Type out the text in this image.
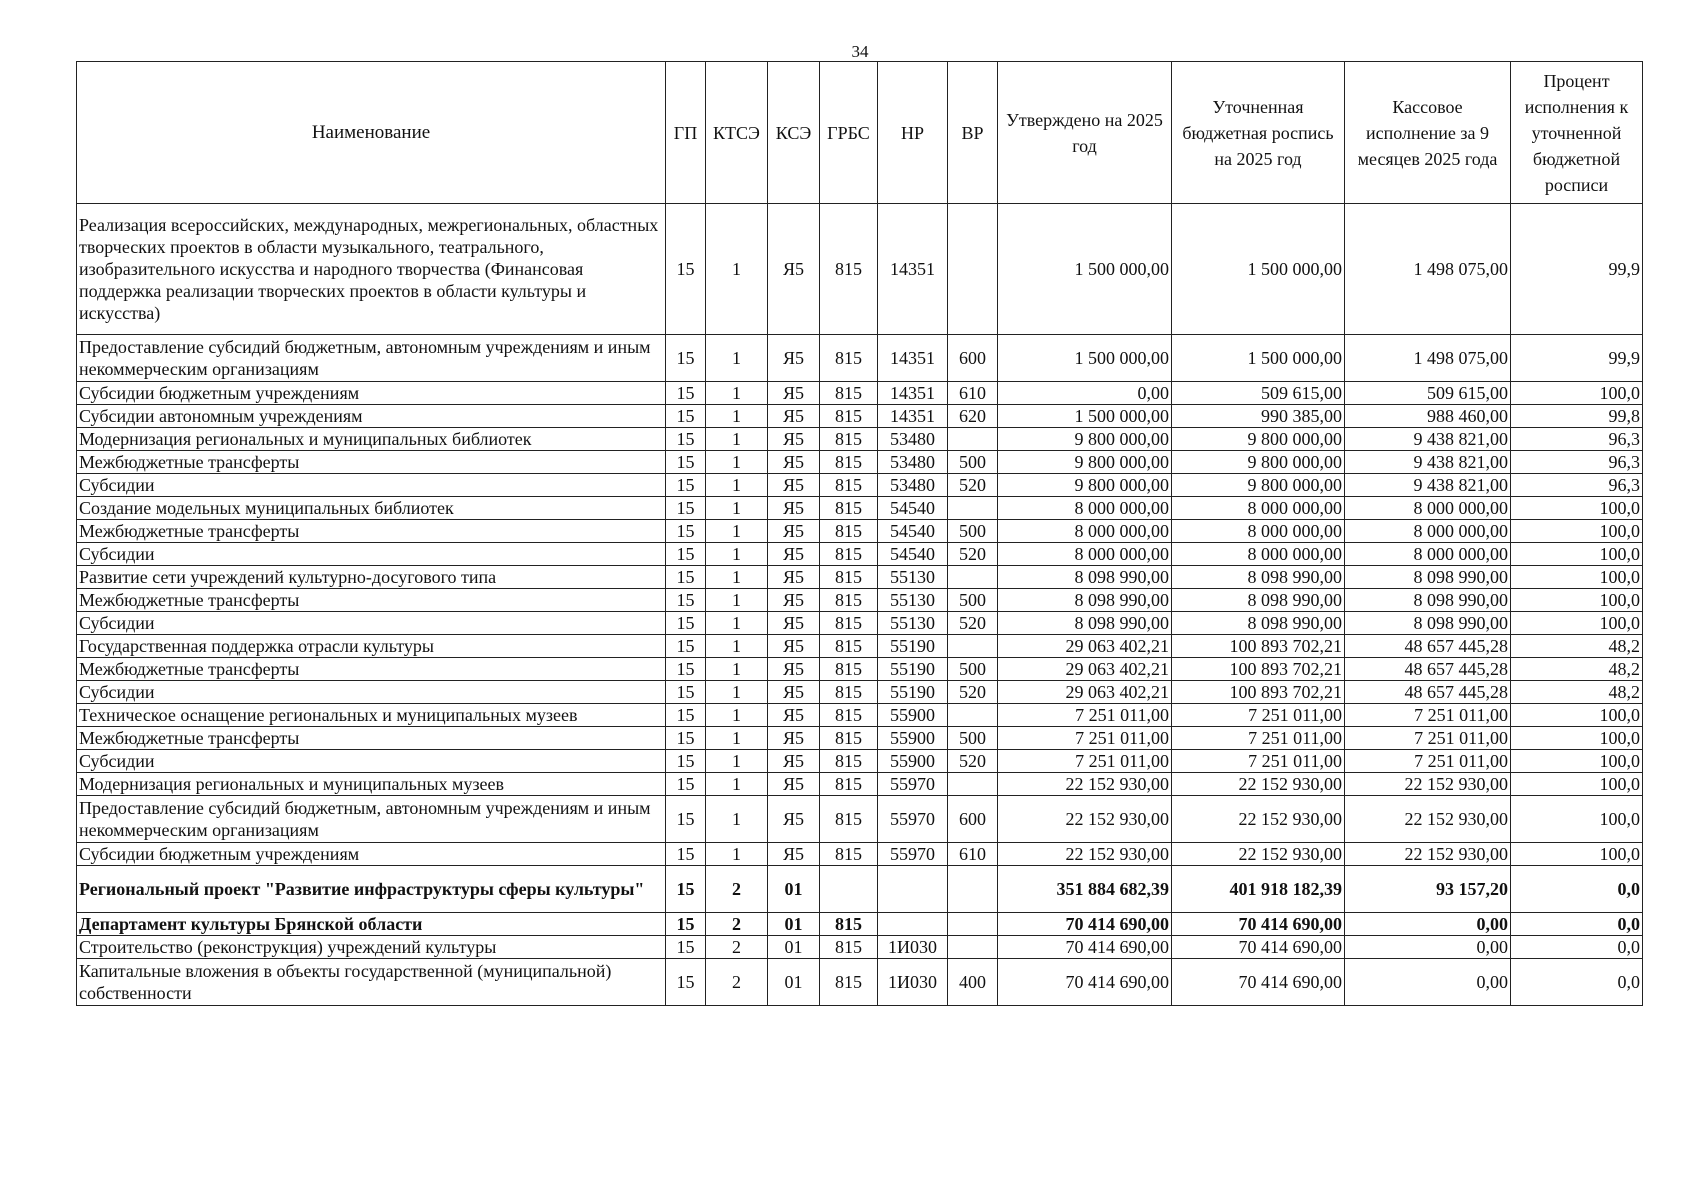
34
Наименование	ГП	КТСЭ	КСЭ	ГРБС	НР	ВР	Утверждено на 2025 год	Уточненная бюджетная роспись на 2025 год	Кассовое исполнение за 9 месяцев 2025 года	Процент исполнения к уточненной бюджетной росписи
Реализация всероссийских, международных, межрегиональных, областных творческих проектов в области музыкального, театрального, изобразительного искусства и народного творчества (Финансовая поддержка реализации творческих проектов в области культуры и искусства)	15	1	Я5	815	14351		1 500 000,00	1 500 000,00	1 498 075,00	99,9
Предоставление субсидий бюджетным, автономным учреждениям и иным некоммерческим организациям	15	1	Я5	815	14351	600	1 500 000,00	1 500 000,00	1 498 075,00	99,9
Субсидии бюджетным учреждениям	15	1	Я5	815	14351	610	0,00	509 615,00	509 615,00	100,0
Субсидии автономным учреждениям	15	1	Я5	815	14351	620	1 500 000,00	990 385,00	988 460,00	99,8
Модернизация региональных и муниципальных библиотек	15	1	Я5	815	53480		9 800 000,00	9 800 000,00	9 438 821,00	96,3
Межбюджетные трансферты	15	1	Я5	815	53480	500	9 800 000,00	9 800 000,00	9 438 821,00	96,3
Субсидии	15	1	Я5	815	53480	520	9 800 000,00	9 800 000,00	9 438 821,00	96,3
Создание модельных муниципальных библиотек	15	1	Я5	815	54540		8 000 000,00	8 000 000,00	8 000 000,00	100,0
Межбюджетные трансферты	15	1	Я5	815	54540	500	8 000 000,00	8 000 000,00	8 000 000,00	100,0
Субсидии	15	1	Я5	815	54540	520	8 000 000,00	8 000 000,00	8 000 000,00	100,0
Развитие сети учреждений культурно-досугового типа	15	1	Я5	815	55130		8 098 990,00	8 098 990,00	8 098 990,00	100,0
Межбюджетные трансферты	15	1	Я5	815	55130	500	8 098 990,00	8 098 990,00	8 098 990,00	100,0
Субсидии	15	1	Я5	815	55130	520	8 098 990,00	8 098 990,00	8 098 990,00	100,0
Государственная поддержка отрасли культуры	15	1	Я5	815	55190		29 063 402,21	100 893 702,21	48 657 445,28	48,2
Межбюджетные трансферты	15	1	Я5	815	55190	500	29 063 402,21	100 893 702,21	48 657 445,28	48,2
Субсидии	15	1	Я5	815	55190	520	29 063 402,21	100 893 702,21	48 657 445,28	48,2
Техническое оснащение региональных и муниципальных музеев	15	1	Я5	815	55900		7 251 011,00	7 251 011,00	7 251 011,00	100,0
Межбюджетные трансферты	15	1	Я5	815	55900	500	7 251 011,00	7 251 011,00	7 251 011,00	100,0
Субсидии	15	1	Я5	815	55900	520	7 251 011,00	7 251 011,00	7 251 011,00	100,0
Модернизация региональных и муниципальных музеев	15	1	Я5	815	55970		22 152 930,00	22 152 930,00	22 152 930,00	100,0
Предоставление субсидий бюджетным, автономным учреждениям и иным некоммерческим организациям	15	1	Я5	815	55970	600	22 152 930,00	22 152 930,00	22 152 930,00	100,0
Субсидии бюджетным учреждениям	15	1	Я5	815	55970	610	22 152 930,00	22 152 930,00	22 152 930,00	100,0
Региональный проект "Развитие инфраструктуры сферы культуры"	15	2	01				351 884 682,39	401 918 182,39	93 157,20	0,0
Департамент культуры Брянской области	15	2	01	815			70 414 690,00	70 414 690,00	0,00	0,0
Строительство (реконструкция) учреждений культуры	15	2	01	815	1И030		70 414 690,00	70 414 690,00	0,00	0,0
Капитальные вложения в объекты государственной (муниципальной) собственности	15	2	01	815	1И030	400	70 414 690,00	70 414 690,00	0,00	0,0
